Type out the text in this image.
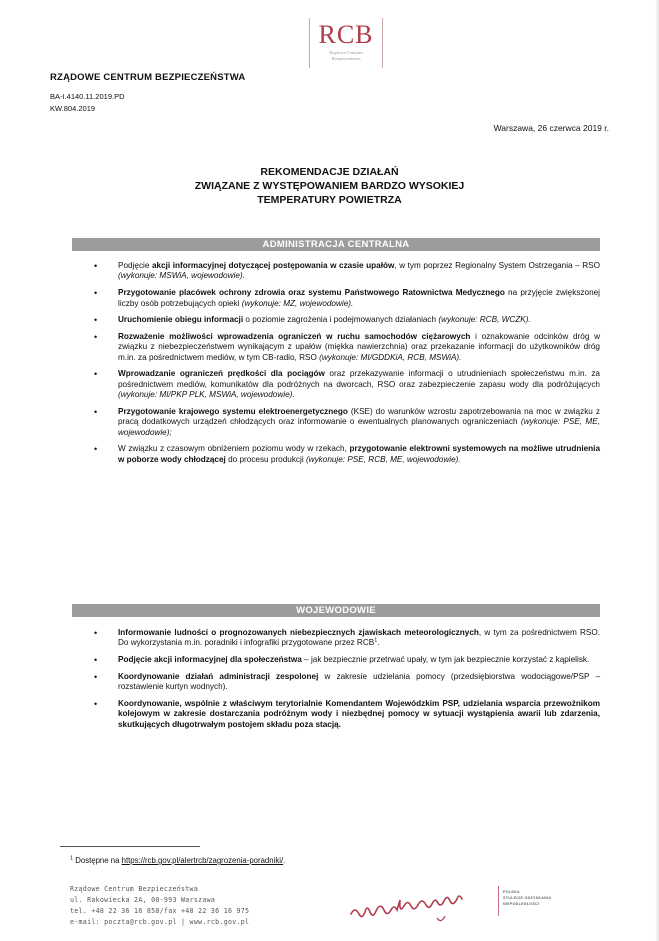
RCB
Rządowe Centrum
Bezpieczeństwa
RZĄDOWE CENTRUM BEZPIECZEŃSTWA
BA-I.4140.11.2019.PD
KW.804.2019
Warszawa, 26 czerwca 2019 r.
REKOMENDACJE DZIAŁAŃ
ZWIĄZANE Z WYSTĘPOWANIEM BARDZO WYSOKIEJ
TEMPERATURY POWIETRZA
ADMINISTRACJA CENTRALNA
•	Podjęcie akcji informacyjnej dotyczącej postępowania w czasie upałów, w tym poprzez Regionalny System Ostrzegania – RSO (wykonuje: MSWiA, wojewodowie).
•	Przygotowanie placówek ochrony zdrowia oraz systemu Państwowego Ratownictwa Medycznego na przyjęcie zwiększonej liczby osób potrzebujących opieki (wykonuje: MZ, wojewodowie).
•	Uruchomienie obiegu informacji o poziomie zagrożenia i podejmowanych działaniach (wykonuje: RCB, WCZK).
•	Rozważenie możliwości wprowadzenia ograniczeń w ruchu samochodów ciężarowych i oznakowanie odcinków dróg w związku z niebezpieczeństwem wynikającym z upałów (miękka nawierzchnia) oraz przekazanie informacji do użytkowników dróg m.in. za pośrednictwem mediów, w tym CB-radio, RSO (wykonuje: MI/GDDKiA, RCB, MSWiA).
•	Wprowadzanie ograniczeń prędkości dla pociągów oraz przekazywanie informacji o utrudnieniach społeczeństwu m.in. za pośrednictwem mediów, komunikatów dla podróżnych na dworcach, RSO oraz zabezpieczenie zapasu wody dla podróżujących (wykonuje: MI/PKP PLK, MSWiA, wojewodowie).
•	Przygotowanie krajowego systemu elektroenergetycznego (KSE) do warunków wzrostu zapotrzebowania na moc w związku z pracą dodatkowych urządzeń chłodzących oraz informowanie o ewentualnych planowanych ograniczeniach (wykonuje: PSE, ME, wojewodowie);
•	W związku z czasowym obniżeniem poziomu wody w rzekach, przygotowanie elektrowni systemowych na możliwe utrudnienia w poborze wody chłodzącej do procesu produkcji (wykonuje: PSE, RCB, ME, wojewodowie).
WOJEWODOWIE
•	Informowanie ludności o prognozowanych niebezpiecznych zjawiskach meteorologicznych, w tym za pośrednictwem RSO. Do wykorzystania m.in. poradniki i infografiki przygotowane przez RCB$^1$.
•	Podjęcie akcji informacyjnej dla społeczeństwa – jak bezpiecznie przetrwać upały, w tym jak bezpiecznie korzystać z kąpielisk.
•	Koordynowanie działań administracji zespolonej w zakresie udzielania pomocy (przedsiębiorstwa wodociągowe/PSP – rozstawienie kurtyn wodnych).
•	Koordynowanie, wspólnie z właściwym terytorialnie Komendantem Wojewódzkim PSP, udzielania wsparcia przewoźnikom kolejowym w zakresie dostarczania podróżnym wody i niezbędnej pomocy w sytuacji wystąpienia awarii lub zdarzenia, skutkujących długotrwałym postojem składu poza stacją.
$^1$ Dostępne na https://rcb.gov.pl/alertrcb/zagrozenia-poradniki/.
Rządowe Centrum Bezpieczeństwa
ul. Rakowiecka 2A, 00-993 Warszawa
tel. +48 22 36 16 858/fax +48 22 36 16 975
e-mail: poczta@rcb.gov.pl | www.rcb.gov.pl
POLSKA
STULECIE ODZYSKANIA
NIEPODLEGŁOŚCI
